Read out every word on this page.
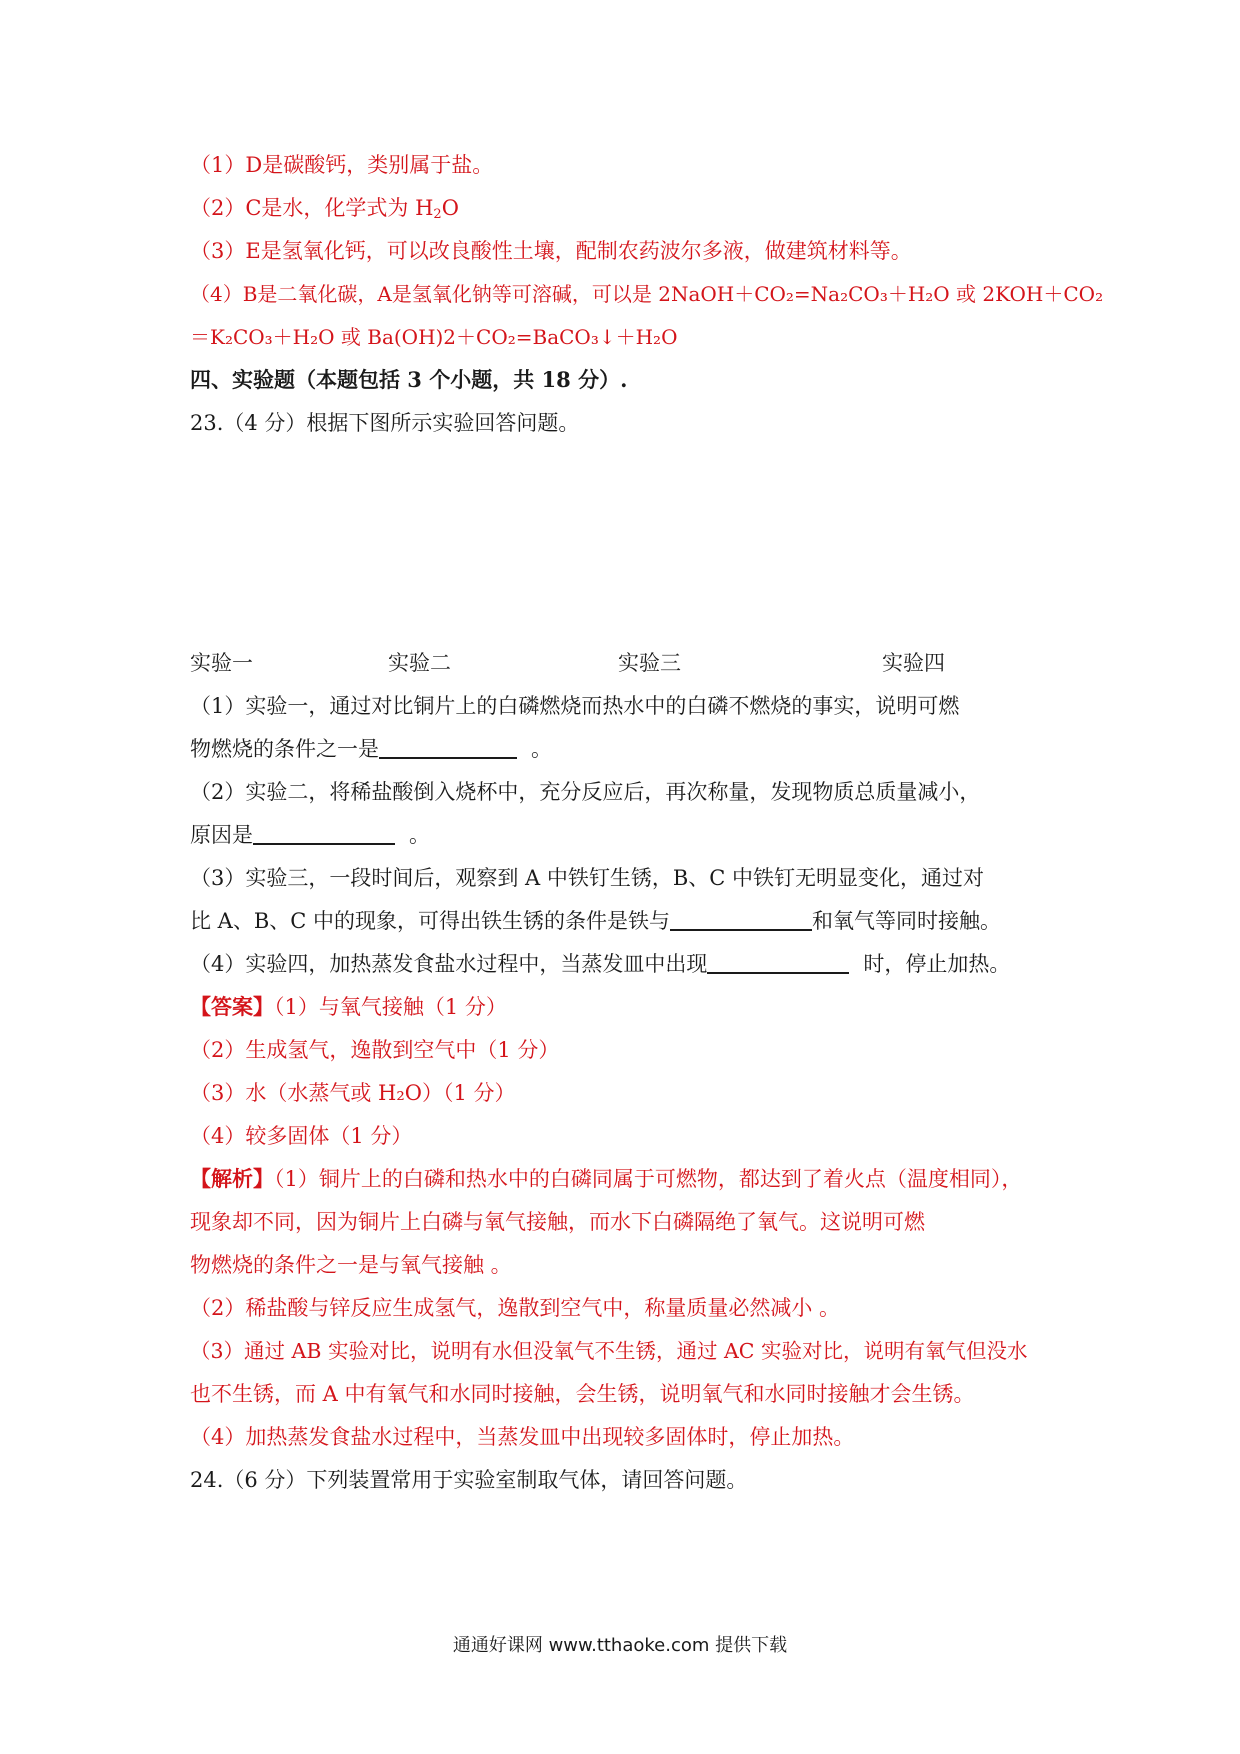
（1）D是碳酸钙，类别属于盐。
（2）C是水，化学式为 $H_2O$
（3）E是氢氧化钙，可以改良酸性土壤，配制农药波尔多液，做建筑材料等。
（4）B是二氧化碳，A是氢氧化钠等可溶碱，可以是 2NaOH＋CO₂=Na₂CO₃＋H₂O 或 2KOH＋CO₂
＝K₂CO₃＋H₂O 或 Ba(OH)2＋CO₂=BaCO₃↓＋H₂O
四、实验题（本题包括 3 个小题，共 18 分）.
23.（4 分）根据下图所示实验回答问题。
实验一	实验二	实验三	实验四
（1）实验一，通过对比铜片上的白磷燃烧而热水中的白磷不燃烧的事实，说明可燃
物燃烧的条件之一是	。
（2）实验二，将稀盐酸倒入烧杯中，充分反应后，再次称量，发现物质总质量减小，
原因是	。
（3）实验三，一段时间后，观察到 A 中铁钉生锈，B、C 中铁钉无明显变化，通过对
比 A、B、C 中的现象，可得出铁生锈的条件是铁与	和氧气等同时接触。
（4）实验四，加热蒸发食盐水过程中，当蒸发皿中出现	时，停止加热。
【答案】（1）与氧气接触（1 分）
（2）生成氢气，逸散到空气中（1 分）
（3）水（水蒸气或 H₂O）（1 分）
（4）较多固体（1 分）
【解析】（1）铜片上的白磷和热水中的白磷同属于可燃物，都达到了着火点（温度相同），
现象却不同，因为铜片上白磷与氧气接触，而水下白磷隔绝了氧气。这说明可燃
物燃烧的条件之一是与氧气接触 。
（2）稀盐酸与锌反应生成氢气，逸散到空气中，称量质量必然减小 。
（3）通过 AB 实验对比，说明有水但没氧气不生锈，通过 AC 实验对比，说明有氧气但没水
也不生锈，而 A 中有氧气和水同时接触，会生锈，说明氧气和水同时接触才会生锈。
（4）加热蒸发食盐水过程中，当蒸发皿中出现较多固体时，停止加热。
24.（6 分）下列装置常用于实验室制取气体，请回答问题。
通通好课网 www.tthaoke.com 提供下载
